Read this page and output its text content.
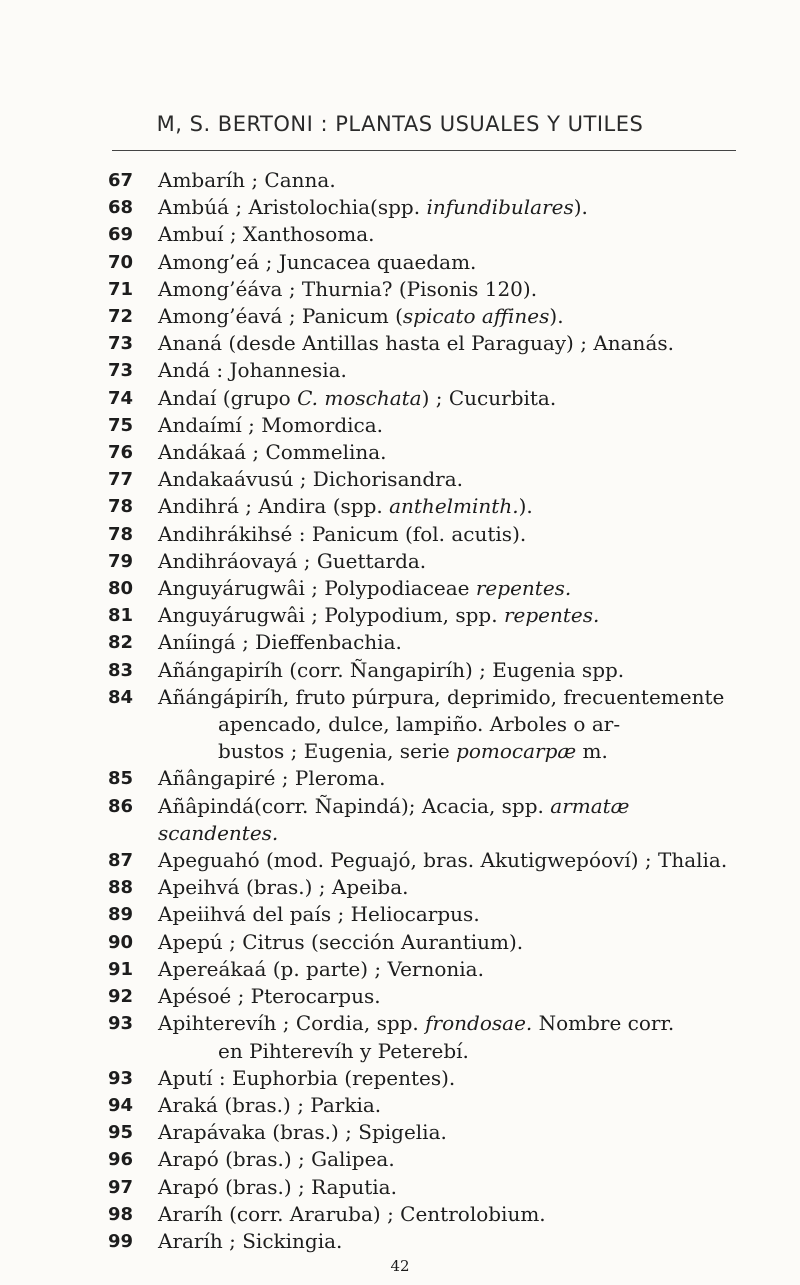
M, S. BERTONI : PLANTAS USUALES Y UTILES
67	Ambaríh ; Canna.
68	Ambúá ; Aristolochia(spp. infundibulares).
69	Ambuí ; Xanthosoma.
70	Among’eá ; Juncacea quaedam.
71	Among’éáva ; Thurnia? (Pisonis 120).
72	Among’éavá ; Panicum (spicato affines).
73	Ananá (desde Antillas hasta el Paraguay) ; Ananás.
73	Andá : Johannesia.
74	Andaí (grupo C. moschata) ; Cucurbita.
75	Andaímí ; Momordica.
76	Andákaá ; Commelina.
77	Andakaávusú ; Dichorisandra.
78	Andihrá ; Andira (spp. anthelminth.).
78	Andihrákihsé : Panicum (fol. acutis).
79	Andihráovayá ; Guettarda.
80	Anguyárugwâi ; Polypodiaceae repentes.
81	Anguyárugwâi ; Polypodium, spp. repentes.
82	Aníingá ; Dieffenbachia.
83	Añángapiríh (corr. Ñangapiríh) ; Eugenia spp.
84	Añángápiríh, fruto púrpura, deprimido, frecuentemente
apencado, dulce, lampiño. Arboles o ar-
bustos ; Eugenia, serie pomocarpæ m.
85	Añângapiré ; Pleroma.
86	Añâpindá(corr. Ñapindá); Acacia, spp. armatæ scandentes.
87	Apeguahó (mod. Peguajó, bras. Akutigwepóoví) ; Thalia.
88	Apeihvá (bras.) ; Apeiba.
89	Apeiihvá del país ; Heliocarpus.
90	Apepú ; Citrus (sección Aurantium).
91	Apereákaá (p. parte) ; Vernonia.
92	Apésoé ; Pterocarpus.
93	Apihterevíh ; Cordia, spp. frondosae. Nombre corr.
en Pihterevíh y Peterebí.
93	Aputí : Euphorbia (repentes).
94	Araká (bras.) ; Parkia.
95	Arapávaka (bras.) ; Spigelia.
96	Arapó (bras.) ; Galipea.
97	Arapó (bras.) ; Raputia.
98	Araríh (corr. Araruba) ; Centrolobium.
99	Araríh ; Sickingia.
42
